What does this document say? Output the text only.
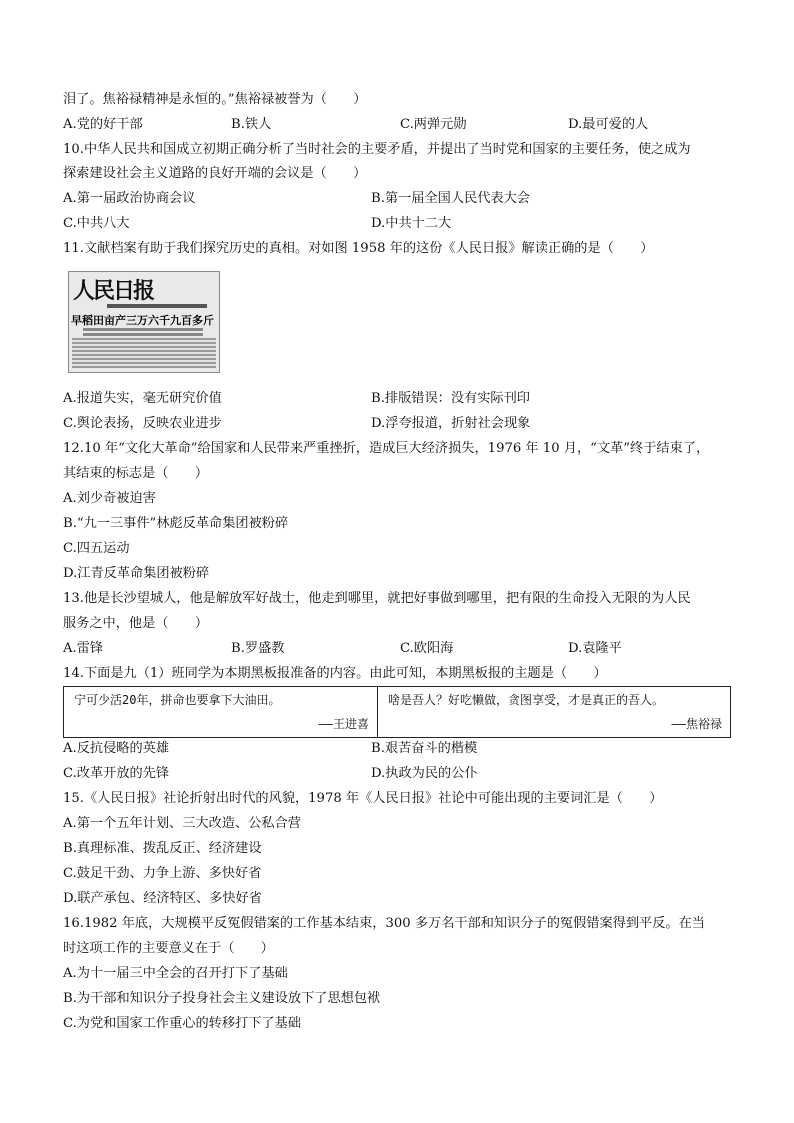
泪了。焦裕禄精神是永恒的。”焦裕禄被誉为（　　）
A.党的好干部	B.铁人	C.两弹元勋	D.最可爱的人
10.中华人民共和国成立初期正确分析了当时社会的主要矛盾，并提出了当时党和国家的主要任务，使之成为
探索建设社会主义道路的良好开端的会议是（　　）
A.第一届政治协商会议	B.第一届全国人民代表大会
C.中共八大	D.中共十二大
11.文献档案有助于我们探究历史的真相。对如图 1958 年的这份《人民日报》解读正确的是（　　）
人民日报
早稻田亩产三万六千九百多斤
A.报道失实，毫无研究价值	B.排版错误：没有实际刊印
C.舆论表扬，反映农业进步	D.浮夸报道，折射社会现象
12.10 年“文化大革命”给国家和人民带来严重挫折，造成巨大经济损失，1976 年 10 月，“文革”终于结束了，
其结束的标志是（　　）
A.刘少奇被迫害
B.“九一三事件”林彪反革命集团被粉碎
C.四五运动
D.江青反革命集团被粉碎
13.他是长沙望城人，他是解放军好战士，他走到哪里，就把好事做到哪里，把有限的生命投入无限的为人民
服务之中，他是（　　）
A.雷锋	B.罗盛教	C.欧阳海	D.袁隆平
14.下面是九（1）班同学为本期黑板报准备的内容。由此可知，本期黑板报的主题是（　　）
宁可少活20年，拼命也要拿下大油田。
——王进喜
啥是吾人？好吃懒做，贪图享受，才是真正的吾人。
——焦裕禄
A.反抗侵略的英雄	B.艰苦奋斗的楷模
C.改革开放的先锋	D.执政为民的公仆
15.《人民日报》社论折射出时代的风貌，1978 年《人民日报》社论中可能出现的主要词汇是（　　）
A.第一个五年计划、三大改造、公私合营
B.真理标准、拨乱反正、经济建设
C.鼓足干劲、力争上游、多快好省
D.联产承包、经济特区、多快好省
16.1982 年底，大规模平反冤假错案的工作基本结束，300 多万名干部和知识分子的冤假错案得到平反。在当
时这项工作的主要意义在于（　　）
A.为十一届三中全会的召开打下了基础
B.为干部和知识分子投身社会主义建设放下了思想包袱
C.为党和国家工作重心的转移打下了基础
